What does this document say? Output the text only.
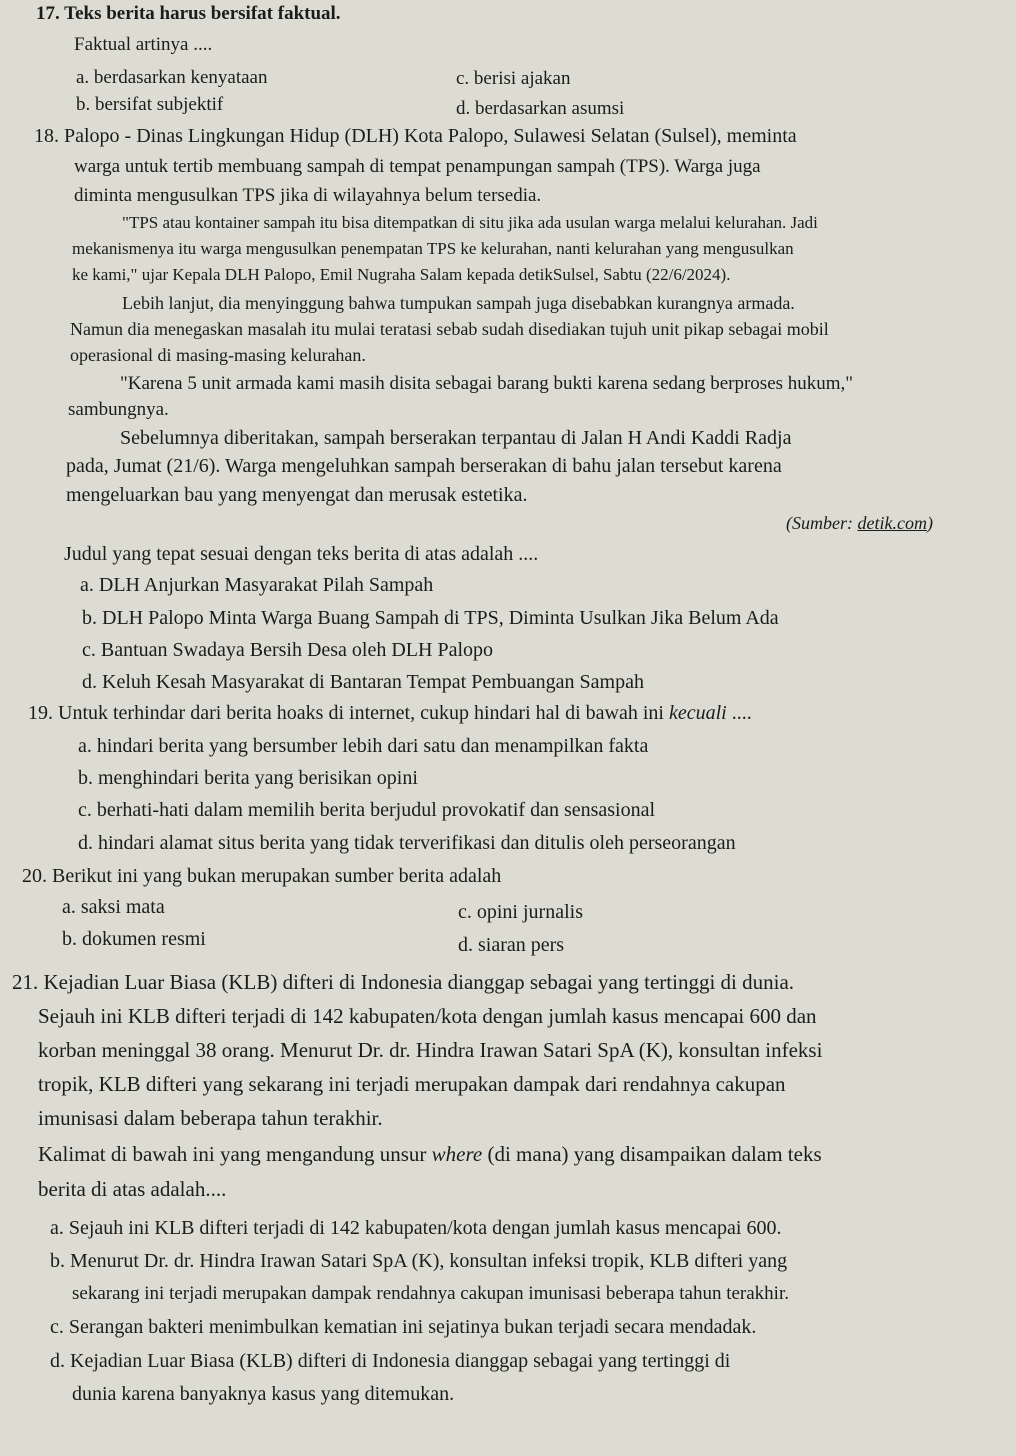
17. Teks berita harus bersifat faktual.
Faktual artinya ....
a. berdasarkan kenyataan	c. berisi ajakan
b. bersifat subjektif	d. berdasarkan asumsi
18. Palopo - Dinas Lingkungan Hidup (DLH) Kota Palopo, Sulawesi Selatan (Sulsel), meminta
warga untuk tertib membuang sampah di tempat penampungan sampah (TPS). Warga juga
diminta mengusulkan TPS jika di wilayahnya belum tersedia.
"TPS atau kontainer sampah itu bisa ditempatkan di situ jika ada usulan warga melalui kelurahan. Jadi
mekanismenya itu warga mengusulkan penempatan TPS ke kelurahan, nanti kelurahan yang mengusulkan
ke kami," ujar Kepala DLH Palopo, Emil Nugraha Salam kepada detikSulsel, Sabtu (22/6/2024).
Lebih lanjut, dia menyinggung bahwa tumpukan sampah juga disebabkan kurangnya armada.
Namun dia menegaskan masalah itu mulai teratasi sebab sudah disediakan tujuh unit pikap sebagai mobil
operasional di masing-masing kelurahan.
"Karena 5 unit armada kami masih disita sebagai barang bukti karena sedang berproses hukum,"
sambungnya.
Sebelumnya diberitakan, sampah berserakan terpantau di Jalan H Andi Kaddi Radja
pada, Jumat (21/6). Warga mengeluhkan sampah berserakan di bahu jalan tersebut karena
mengeluarkan bau yang menyengat dan merusak estetika.
(Sumber: detik.com)
Judul yang tepat sesuai dengan teks berita di atas adalah ....
a. DLH Anjurkan Masyarakat Pilah Sampah
b. DLH Palopo Minta Warga Buang Sampah di TPS, Diminta Usulkan Jika Belum Ada
c. Bantuan Swadaya Bersih Desa oleh DLH Palopo
d. Keluh Kesah Masyarakat di Bantaran Tempat Pembuangan Sampah
19. Untuk terhindar dari berita hoaks di internet, cukup hindari hal di bawah ini kecuali ....
a. hindari berita yang bersumber lebih dari satu dan menampilkan fakta
b. menghindari berita yang berisikan opini
c. berhati-hati dalam memilih berita berjudul provokatif dan sensasional
d. hindari alamat situs berita yang tidak terverifikasi dan ditulis oleh perseorangan
20. Berikut ini yang bukan merupakan sumber berita adalah
a. saksi mata	c. opini jurnalis
b. dokumen resmi	d. siaran pers
21. Kejadian Luar Biasa (KLB) difteri di Indonesia dianggap sebagai yang tertinggi di dunia.
Sejauh ini KLB difteri terjadi di 142 kabupaten/kota dengan jumlah kasus mencapai 600 dan
korban meninggal 38 orang. Menurut Dr. dr. Hindra Irawan Satari SpA (K), konsultan infeksi
tropik, KLB difteri yang sekarang ini terjadi merupakan dampak dari rendahnya cakupan
imunisasi dalam beberapa tahun terakhir.
Kalimat di bawah ini yang mengandung unsur where (di mana) yang disampaikan dalam teks
berita di atas adalah....
a. Sejauh ini KLB difteri terjadi di 142 kabupaten/kota dengan jumlah kasus mencapai 600.
b. Menurut Dr. dr. Hindra Irawan Satari SpA (K), konsultan infeksi tropik, KLB difteri yang
sekarang ini terjadi merupakan dampak rendahnya cakupan imunisasi beberapa tahun terakhir.
c. Serangan bakteri menimbulkan kematian ini sejatinya bukan terjadi secara mendadak.
d. Kejadian Luar Biasa (KLB) difteri di Indonesia dianggap sebagai yang tertinggi di
dunia karena banyaknya kasus yang ditemukan.
